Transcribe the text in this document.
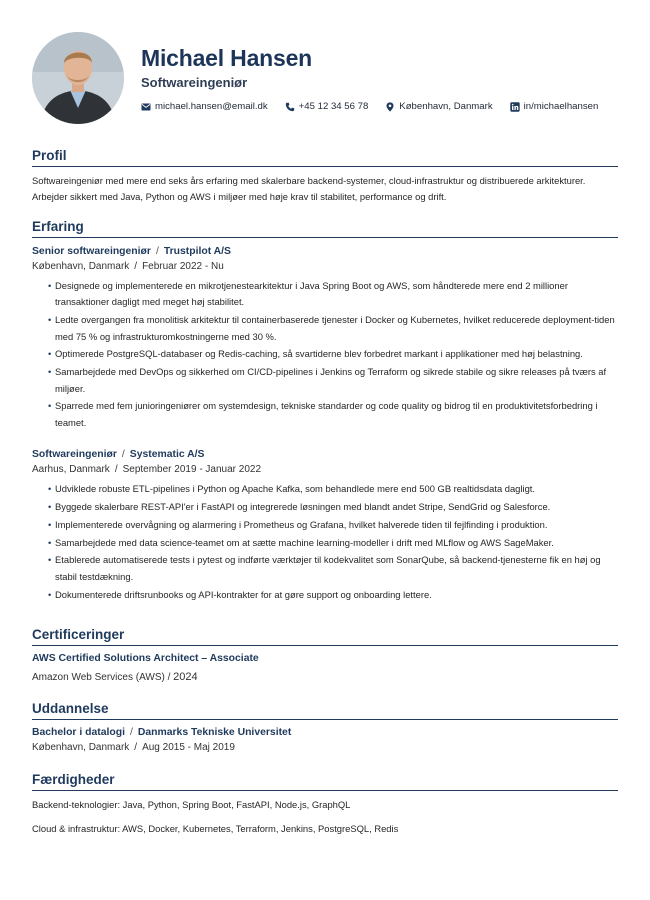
Michael Hansen
Softwareingeniør
michael.hansen@email.dk	+45 12 34 56 78	København, Danmark	in/michaelhansen
Profil
Softwareingeniør med mere end seks års erfaring med skalerbare backend-systemer, cloud-infrastruktur og distribuerede arkitekturer. Arbejder sikkert med Java, Python og AWS i miljøer med høje krav til stabilitet, performance og drift.
Erfaring
Senior softwareingeniør / Trustpilot A/S
København, Danmark / Februar 2022 - Nu
• Designede og implementerede en mikrotjenestearkitektur i Java Spring Boot og AWS, som håndterede mere end 2 millioner transaktioner dagligt med meget høj stabilitet.
• Ledte overgangen fra monolitisk arkitektur til containerbaserede tjenester i Docker og Kubernetes, hvilket reducerede deployment-tiden med 75 % og infrastrukturomkostningerne med 30 %.
• Optimerede PostgreSQL-databaser og Redis-caching, så svartiderne blev forbedret markant i applikationer med høj belastning.
• Samarbejdede med DevOps og sikkerhed om CI/CD-pipelines i Jenkins og Terraform og sikrede stabile og sikre releases på tværs af miljøer.
• Sparrede med fem junioringeniører om systemdesign, tekniske standarder og code quality og bidrog til en produktivitetsforbedring i teamet.
Softwareingeniør / Systematic A/S
Aarhus, Danmark / September 2019 - Januar 2022
• Udviklede robuste ETL-pipelines i Python og Apache Kafka, som behandlede mere end 500 GB realtidsdata dagligt.
• Byggede skalerbare REST-API'er i FastAPI og integrerede løsningen med blandt andet Stripe, SendGrid og Salesforce.
• Implementerede overvågning og alarmering i Prometheus og Grafana, hvilket halverede tiden til fejlfinding i produktion.
• Samarbejdede med data science-teamet om at sætte machine learning-modeller i drift med MLflow og AWS SageMaker.
• Etablerede automatiserede tests i pytest og indførte værktøjer til kodekvalitet som SonarQube, så backend-tjenesterne fik en høj og stabil testdækning.
• Dokumenterede driftsrunbooks og API-kontrakter for at gøre support og onboarding lettere.
Certificeringer
AWS Certified Solutions Architect – Associate
Amazon Web Services (AWS) / 2024
Uddannelse
Bachelor i datalogi / Danmarks Tekniske Universitet
København, Danmark / Aug 2015 - Maj 2019
Færdigheder
Backend-teknologier: Java, Python, Spring Boot, FastAPI, Node.js, GraphQL
Cloud & infrastruktur: AWS, Docker, Kubernetes, Terraform, Jenkins, PostgreSQL, Redis
